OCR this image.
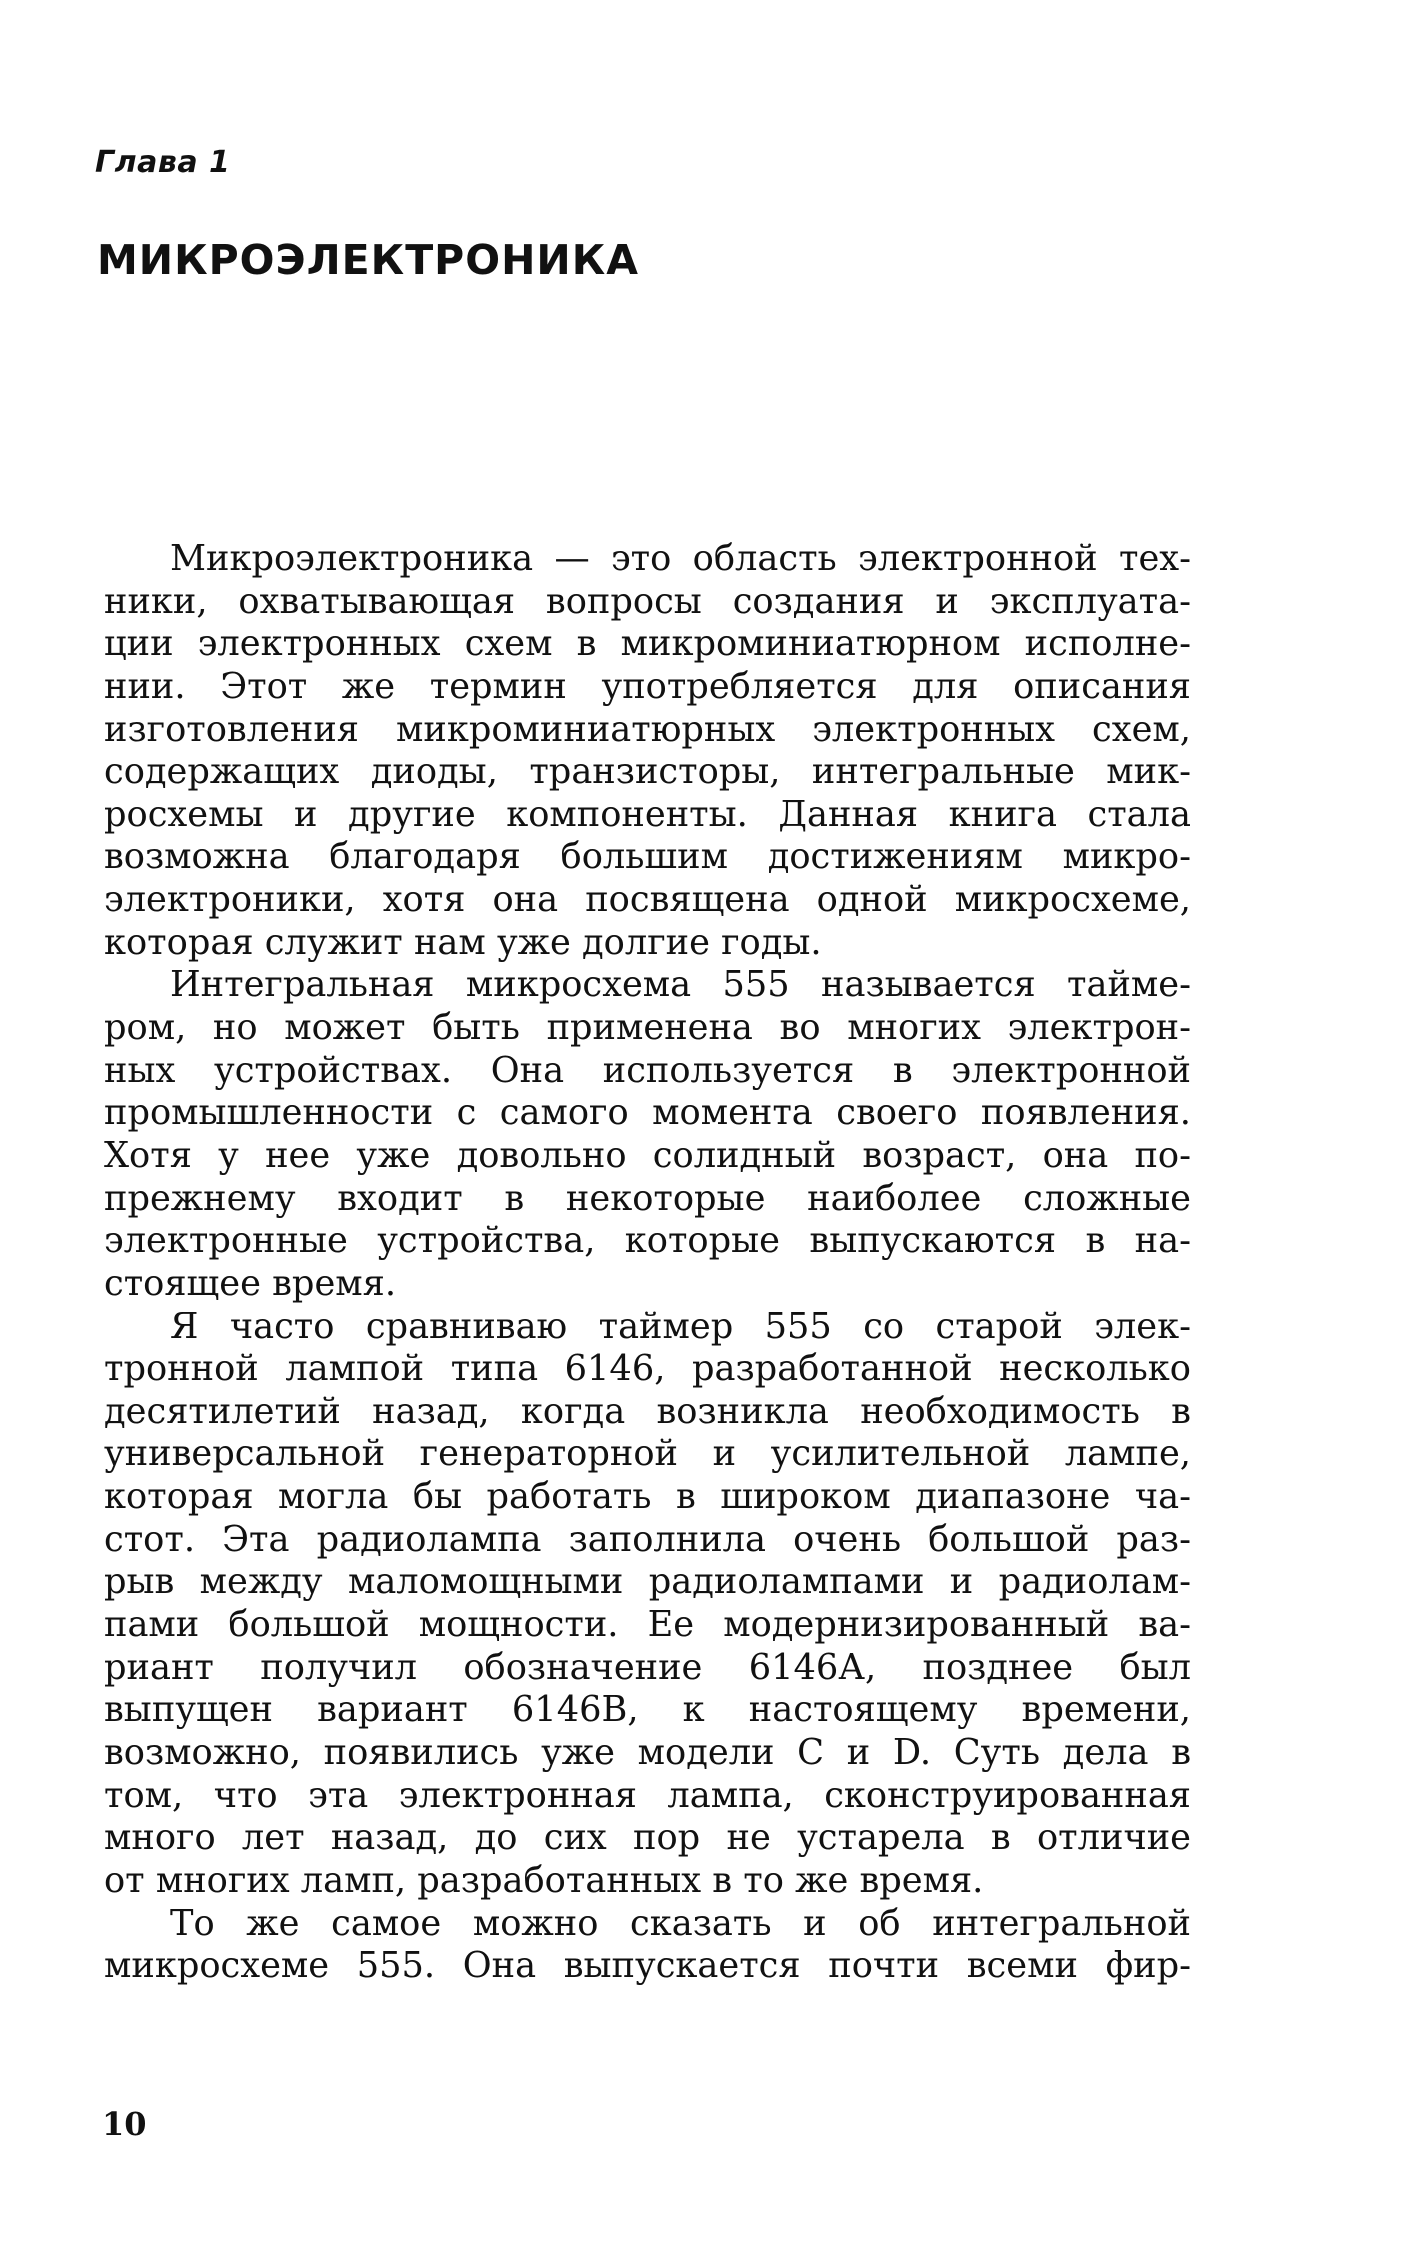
Глава 1
МИКРОЭЛЕКТРОНИКА
Микроэлектроника — это область электронной тех-
ники, охватывающая вопросы создания и эксплуата-
ции электронных схем в микроминиатюрном исполне-
нии. Этот же термин употребляется для описания
изготовления микроминиатюрных электронных схем,
содержащих диоды, транзисторы, интегральные мик-
росхемы и другие компоненты. Данная книга стала
возможна благодаря большим достижениям микро-
электроники, хотя она посвящена одной микросхеме,
которая служит нам уже долгие годы.
Интегральная микросхема 555 называется тайме-
ром, но может быть применена во многих электрон-
ных устройствах. Она используется в электронной
промышленности с самого момента своего появления.
Хотя у нее уже довольно солидный возраст, она по-
прежнему входит в некоторые наиболее сложные
электронные устройства, которые выпускаются в на-
стоящее время.
Я часто сравниваю таймер 555 со старой элек-
тронной лампой типа 6146, разработанной несколько
десятилетий назад, когда возникла необходимость в
универсальной генераторной и усилительной лампе,
которая могла бы работать в широком диапазоне ча-
стот. Эта радиолампа заполнила очень большой раз-
рыв между маломощными радиолампами и радиолам-
пами большой мощности. Ее модернизированный ва-
риант получил обозначение 6146А, позднее был
выпущен вариант 6146В, к настоящему времени,
возможно, появились уже модели С и D. Суть дела в
том, что эта электронная лампа, сконструированная
много лет назад, до сих пор не устарела в отличие
от многих ламп, разработанных в то же время.
То же самое можно сказать и об интегральной
микросхеме 555. Она выпускается почти всеми фир-
10
